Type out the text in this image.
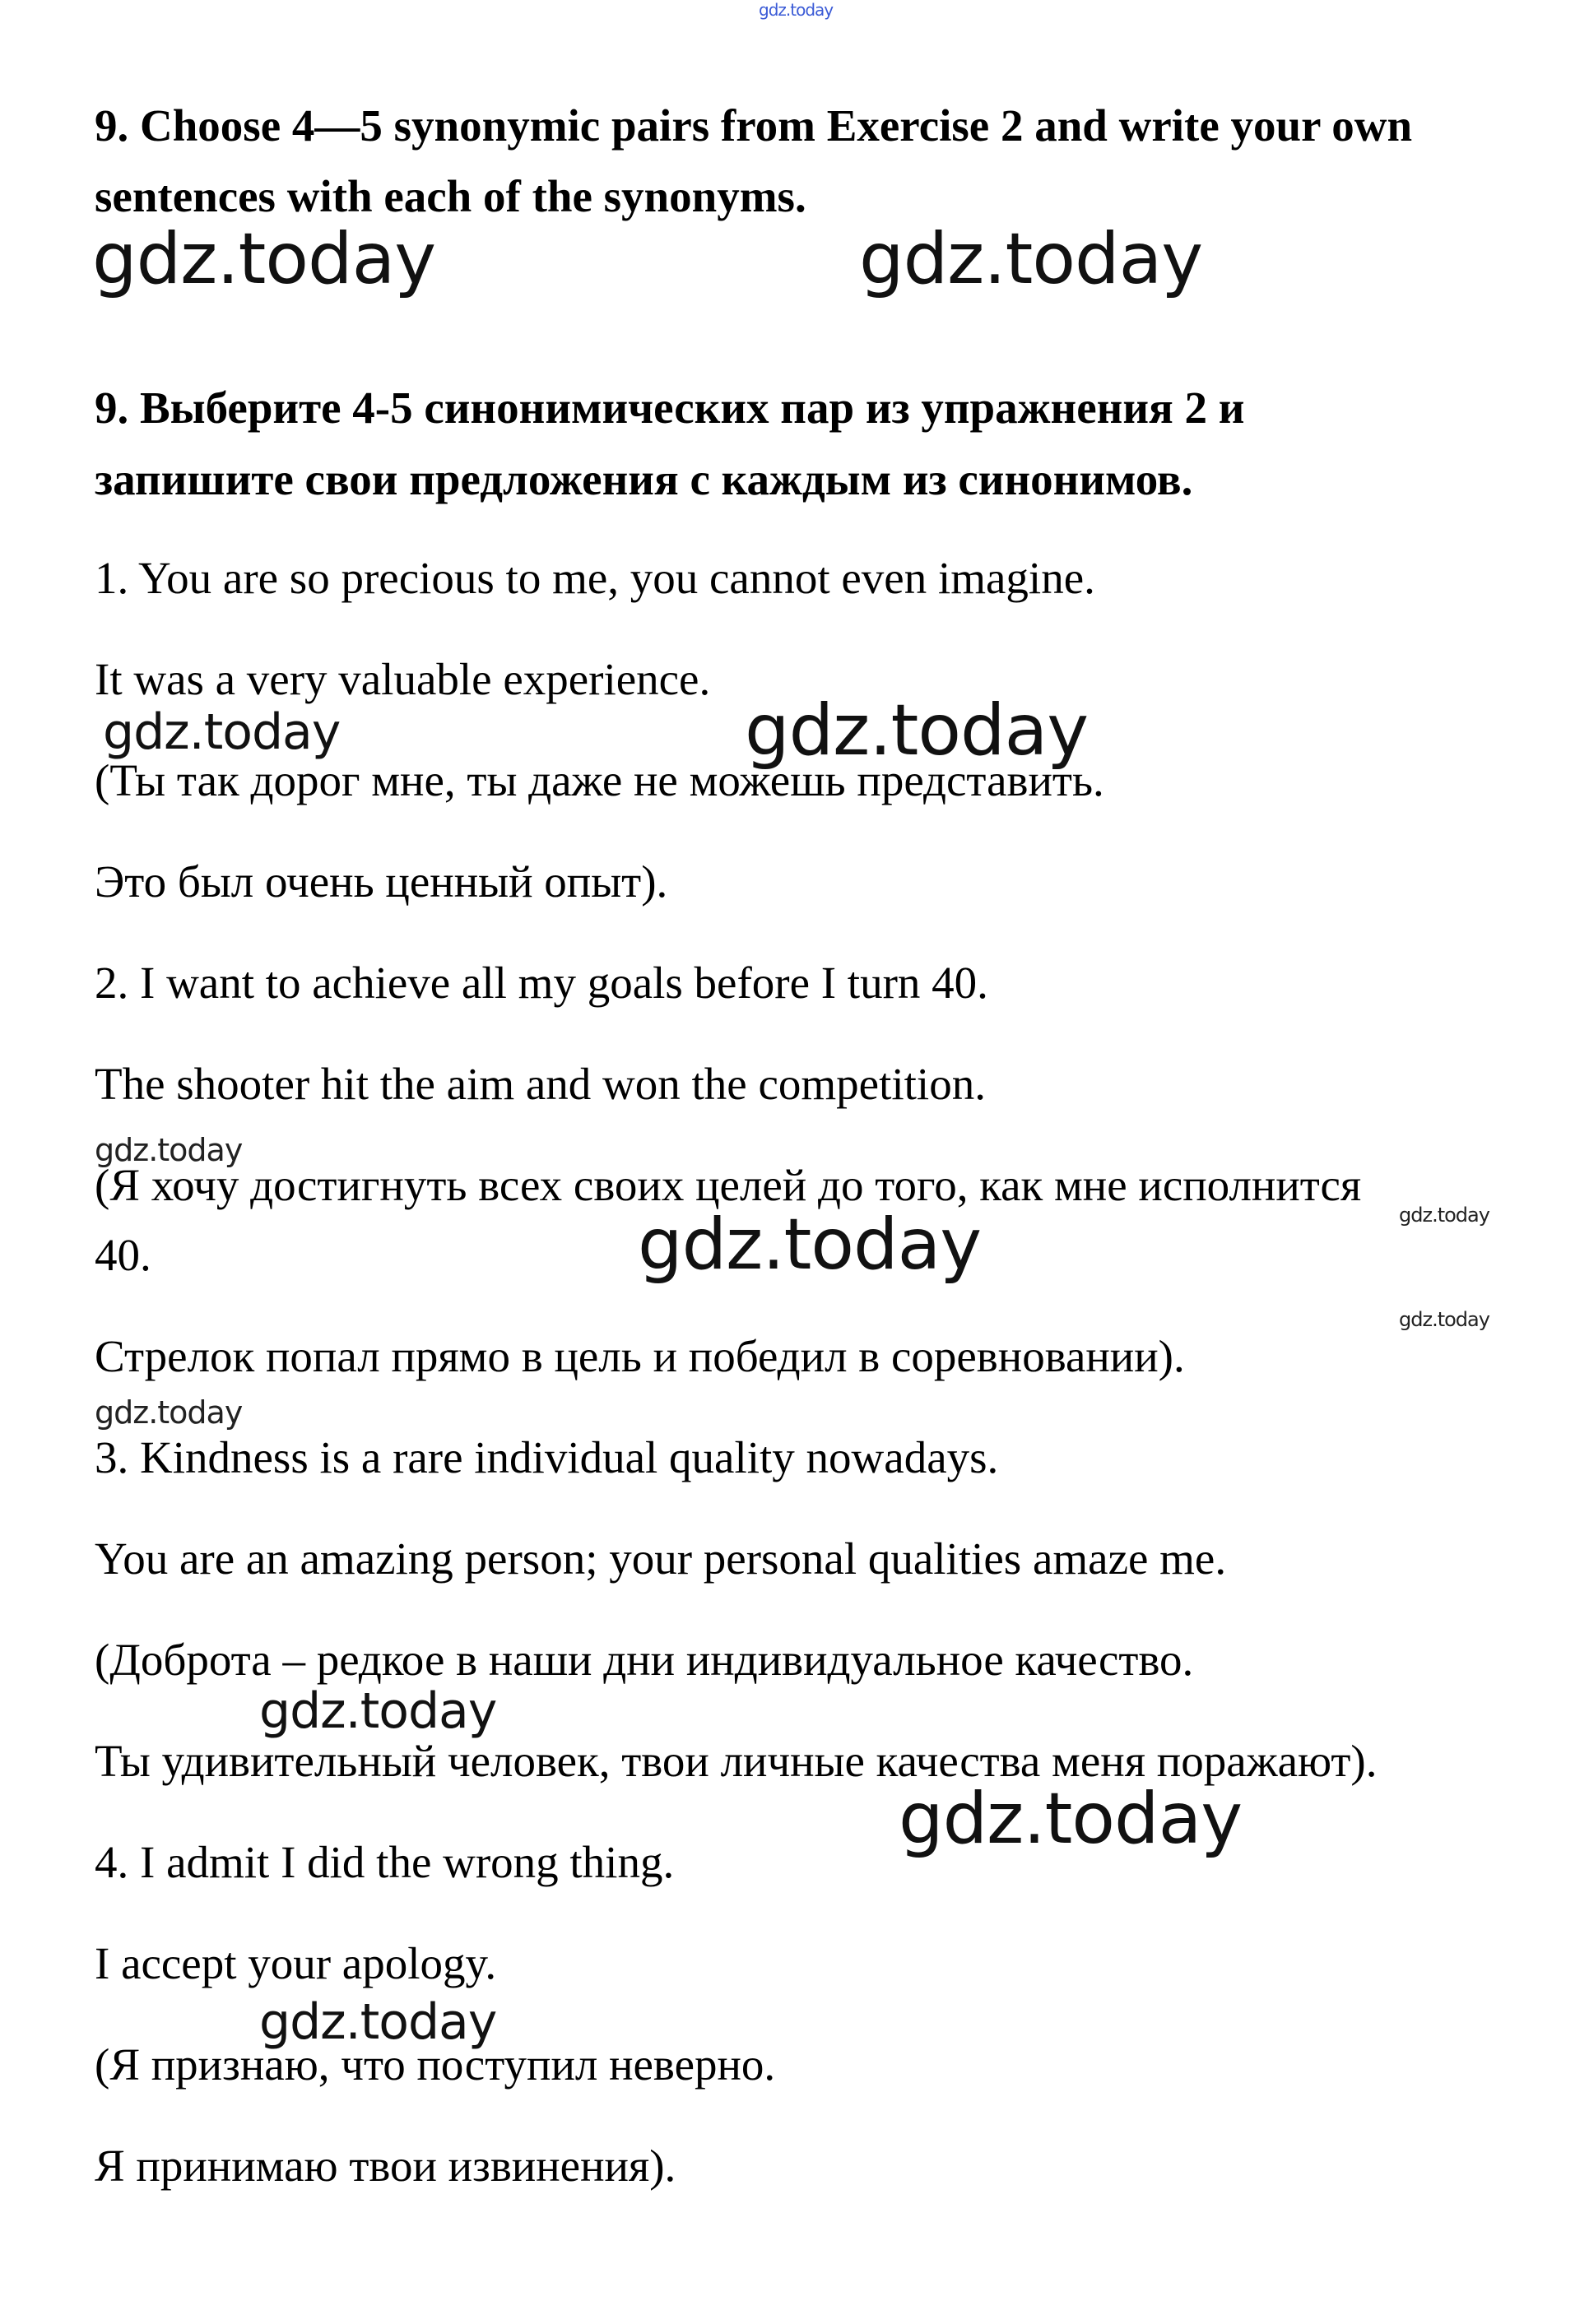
gdz.today

9. Choose 4—5 synonymic pairs from Exercise 2 and write your own

sentences with each of the synonyms.

gdz.today	gdz.today

9. Выберите 4-5 синонимических пар из упражнения 2 и

запишите свои предложения с каждым из синонимов.

1. You are so precious to me, you cannot even imagine.

It was a very valuable experience.

gdz.today	gdz.today

(Ты так дорог мне, ты даже не можешь представить.

Это был очень ценный опыт).

2. I want to achieve all my goals before I turn 40.

The shooter hit the aim and won the competition.

gdz.today

(Я хочу достигнуть всех своих целей до того, как мне исполнится

gdz.today

40.	gdz.today
gdz.today

Стрелок попал прямо в цель и победил в соревновании).

gdz.today

3. Kindness is a rare individual quality nowadays.

You are an amazing person; your personal qualities amaze me.

(Доброта – редкое в наши дни индивидуальное качество.

gdz.today

Ты удивительный человек, твои личные качества меня поражают).

gdz.today

4. I admit I did the wrong thing.

I accept your apology.

gdz.today

(Я признаю, что поступил неверно.

Я принимаю твои извинения).
